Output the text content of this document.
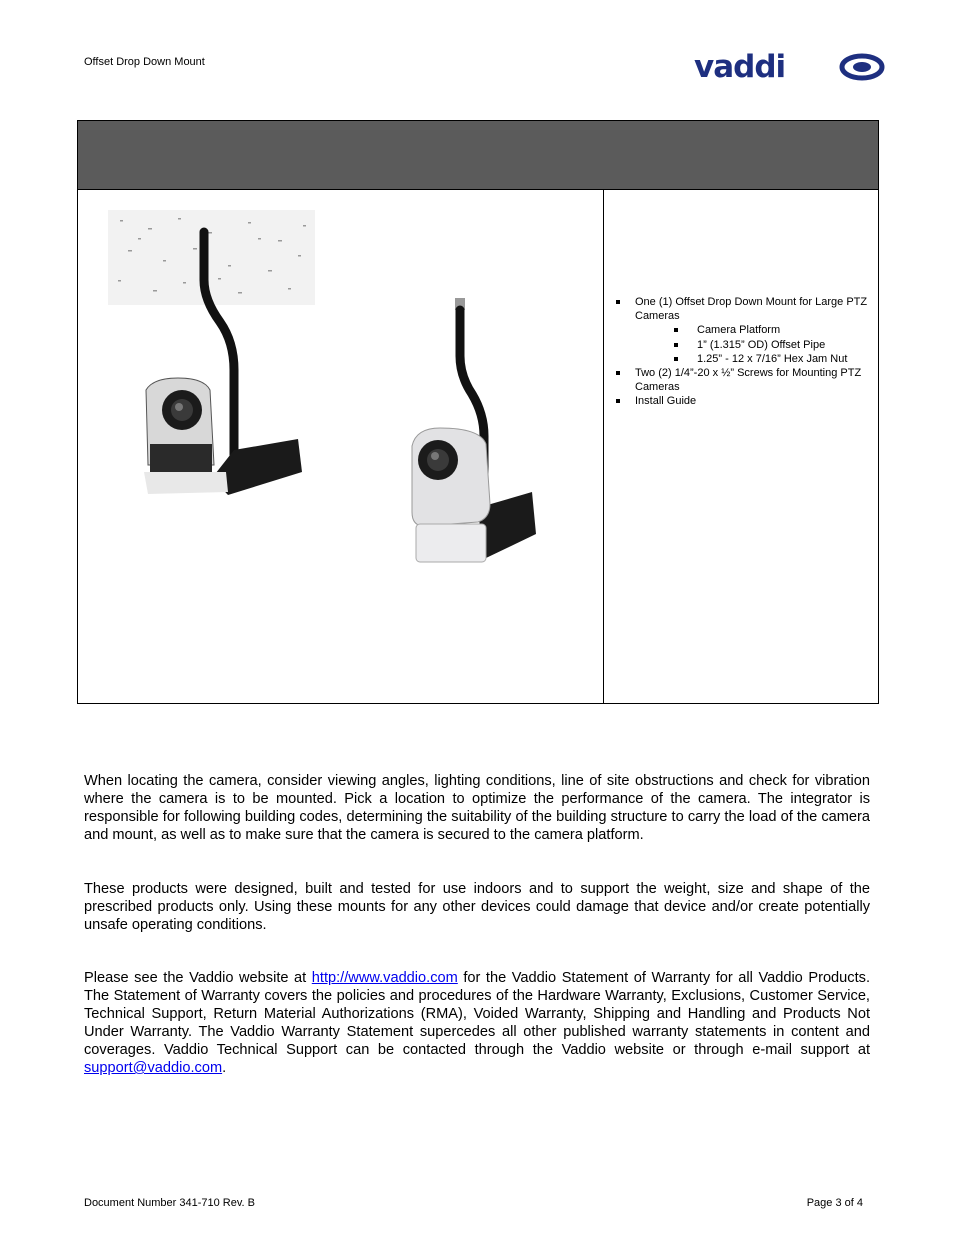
Offset Drop Down Mount	vaddi
One (1) Offset Drop Down Mount for Large PTZ Cameras
Camera Platform
1” (1.315” OD) Offset Pipe
1.25” - 12 x 7/16” Hex Jam Nut
Two (2) 1/4”-20 x ½” Screws for Mounting PTZ Cameras
Install Guide

When locating the camera, consider viewing angles, lighting conditions, line of site obstructions and check for vibration where the camera is to be mounted. Pick a location to optimize the performance of the camera. The integrator is responsible for following building codes, determining the suitability of the building structure to carry the load of the camera and mount, as well as to make sure that the camera is secured to the camera platform.

These products were designed, built and tested for use indoors and to support the weight, size and shape of the prescribed products only. Using these mounts for any other devices could damage that device and/or create potentially unsafe operating conditions.

Please see the Vaddio website at http://www.vaddio.com for the Vaddio Statement of Warranty for all Vaddio Products. The Statement of Warranty covers the policies and procedures of the Hardware Warranty, Exclusions, Customer Service, Technical Support, Return Material Authorizations (RMA), Voided Warranty, Shipping and Handling and Products Not Under Warranty. The Vaddio Warranty Statement supercedes all other published warranty statements in content and coverages. Vaddio Technical Support can be contacted through the Vaddio website or through e-mail support at support@vaddio.com.

Document Number 341-710 Rev. B	Page 3 of 4
